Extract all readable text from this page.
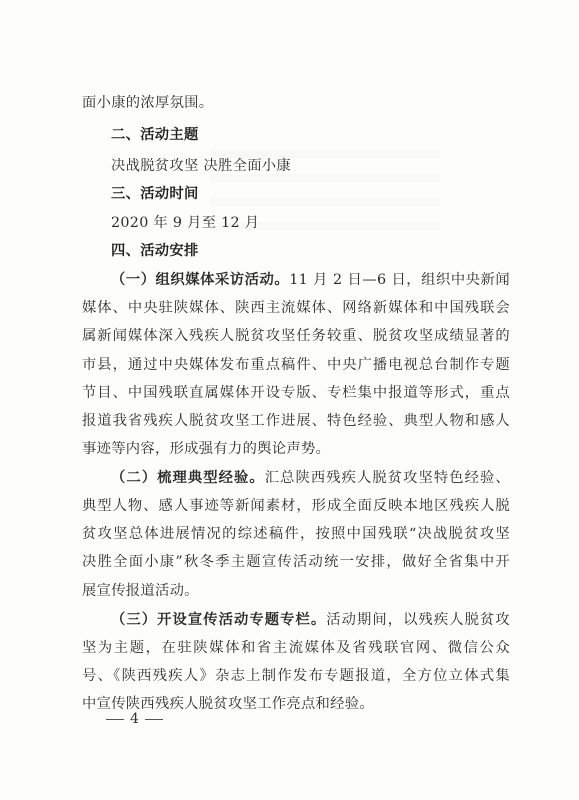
面小康的浓厚氛围。
二、活动主题
决战脱贫攻坚 决胜全面小康
三、活动时间
2020 年 9 月至 12 月
四、活动安排
（一）组织媒体采访活动。11 月 2 日—6 日，组织中央新闻
媒体、中央驻陕媒体、陕西主流媒体、网络新媒体和中国残联会
属新闻媒体深入残疾人脱贫攻坚任务较重、脱贫攻坚成绩显著的
市县，通过中央媒体发布重点稿件、中央广播电视总台制作专题
节目、中国残联直属媒体开设专版、专栏集中报道等形式，重点
报道我省残疾人脱贫攻坚工作进展、特色经验、典型人物和感人
事迹等内容，形成强有力的舆论声势。
（二）梳理典型经验。汇总陕西残疾人脱贫攻坚特色经验、
典型人物、感人事迹等新闻素材，形成全面反映本地区残疾人脱
贫攻坚总体进展情况的综述稿件，按照中国残联“决战脱贫攻坚
决胜全面小康”秋冬季主题宣传活动统一安排，做好全省集中开
展宣传报道活动。
（三）开设宣传活动专题专栏。活动期间，以残疾人脱贫攻
坚为主题，在驻陕媒体和省主流媒体及省残联官网、微信公众
号、《陕西残疾人》杂志上制作发布专题报道，全方位立体式集
中宣传陕西残疾人脱贫攻坚工作亮点和经验。
4
